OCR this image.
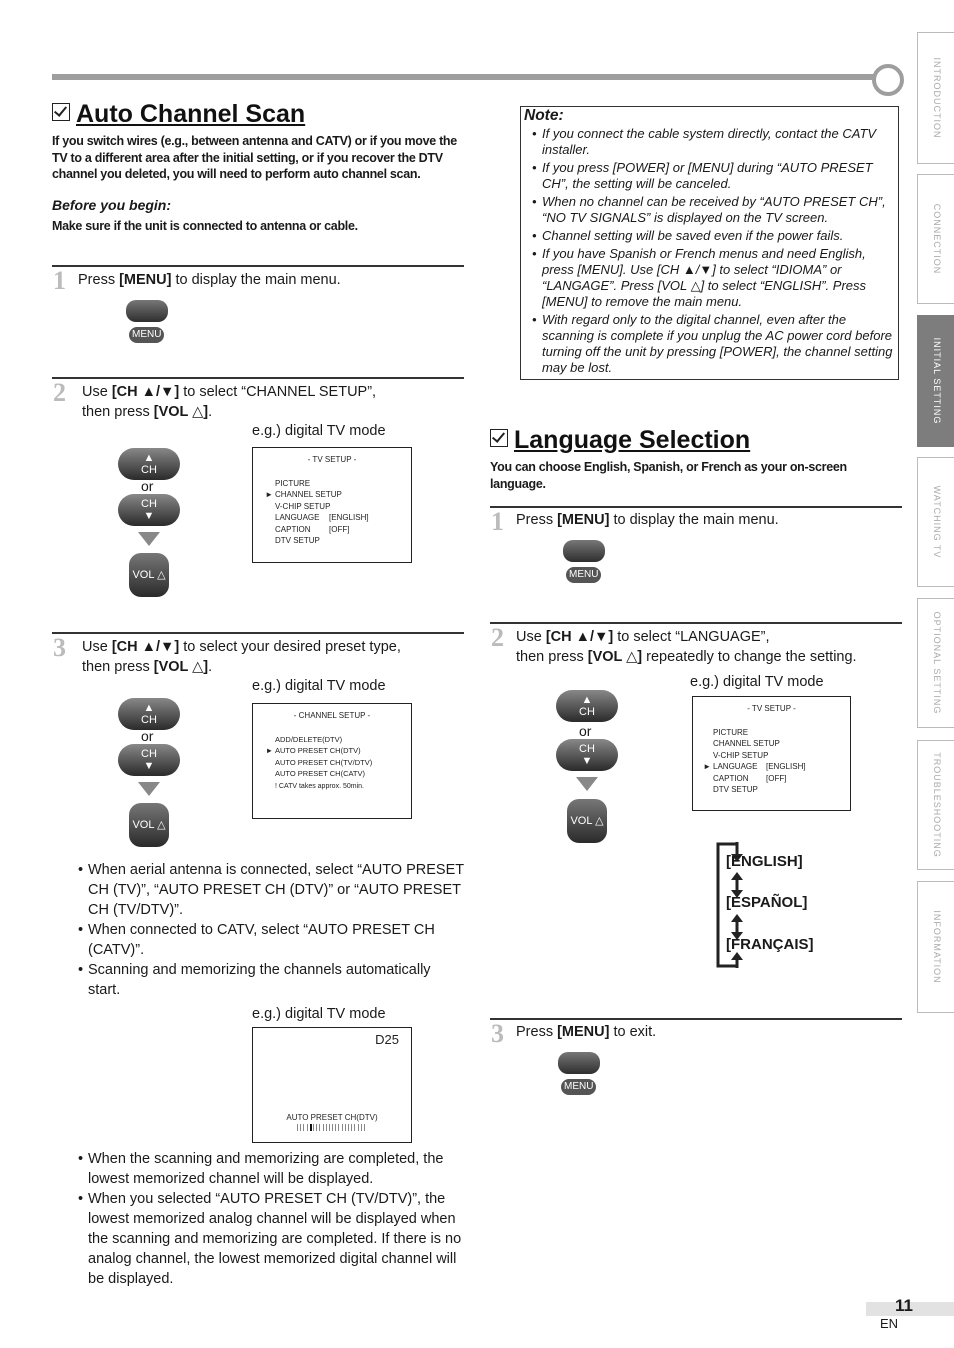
INTRODUCTION
CONNECTION
INITIAL SETTING
WATCHING TV
OPTIONAL SETTING
TROUBLESHOOTING
INFORMATION
Auto Channel Scan
If you switch wires (e.g., between antenna and CATV) or if you move the TV to a different area after the initial setting, or if you recover the DTV channel you deleted, you will need to perform auto channel scan.
Before you begin:
Make sure if the unit is connected to antenna or cable.
1 Press [MENU] to display the main menu.
MENU
2 Use [CH ▲/▼] to select “CHANNEL SETUP”,
then press [VOL △].
e.g.) digital TV mode
▲
CH
or
CH
▼
VOL △
- TV SETUP -
PICTURE
► CHANNEL SETUP
V-CHIP SETUP
LANGUAGE [ENGLISH]
CAPTION [OFF]
DTV SETUP
3 Use [CH ▲/▼] to select your desired preset type,
then press [VOL △].
e.g.) digital TV mode
▲
CH
or
CH
▼
VOL △
- CHANNEL SETUP -
ADD/DELETE(DTV)
► AUTO PRESET CH(DTV)
AUTO PRESET CH(TV/DTV)
AUTO PRESET CH(CATV)
! CATV takes approx. 50min.
• When aerial antenna is connected, select “AUTO PRESET CH (TV)”, “AUTO PRESET CH (DTV)” or “AUTO PRESET CH (TV/DTV)”.
• When connected to CATV, select “AUTO PRESET CH (CATV)”.
• Scanning and memorizing the channels automatically start.
e.g.) digital TV mode
D25
AUTO PRESET CH(DTV)
• When the scanning and memorizing are completed, the lowest memorized channel will be displayed.
• When you selected “AUTO PRESET CH (TV/DTV)”, the lowest memorized analog channel will be displayed when the scanning and memorizing are completed. If there is no analog channel, the lowest memorized digital channel will be displayed.
Note:
• If you connect the cable system directly, contact the CATV installer.
• If you press [POWER] or [MENU] during “AUTO PRESET CH”, the setting will be canceled.
• When no channel can be received by “AUTO PRESET CH”, “NO TV SIGNALS” is displayed on the TV screen.
• Channel setting will be saved even if the power fails.
• If you have Spanish or French menus and need English, press [MENU]. Use [CH ▲/▼] to select “IDIOMA” or “LANGAGE”. Press [VOL △] to select “ENGLISH”. Press [MENU] to remove the main menu.
• With regard only to the digital channel, even after the scanning is complete if you unplug the AC power cord before turning off the unit by pressing [POWER], the channel setting may be lost.
Language Selection
You can choose English, Spanish, or French as your on-screen language.
1 Press [MENU] to display the main menu.
MENU
2 Use [CH ▲/▼] to select “LANGUAGE”,
then press [VOL △] repeatedly to change the setting.
e.g.) digital TV mode
▲
CH
or
CH
▼
VOL △
- TV SETUP -
PICTURE
CHANNEL SETUP
V-CHIP SETUP
► LANGUAGE [ENGLISH]
CAPTION [OFF]
DTV SETUP
[ENGLISH]
[ESPAÑOL]
[FRANÇAIS]
3 Press [MENU] to exit.
MENU
11
EN
